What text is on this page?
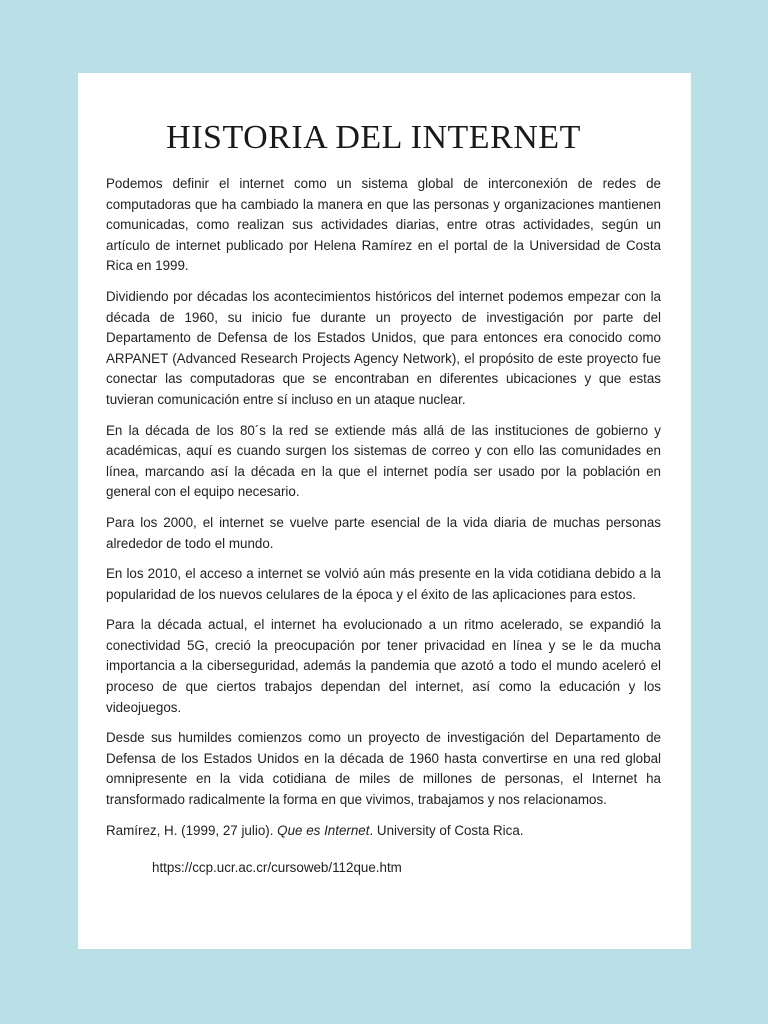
HISTORIA DEL INTERNET

Podemos definir el internet como un sistema global de interconexión de redes de computadoras que ha cambiado la manera en que las personas y organizaciones mantienen comunicadas, como realizan sus actividades diarias, entre otras actividades, según un artículo de internet publicado por Helena Ramírez en el portal de la Universidad de Costa Rica en 1999.

Dividiendo por décadas los acontecimientos históricos del internet podemos empezar con la década de 1960, su inicio fue durante un proyecto de investigación por parte del Departamento de Defensa de los Estados Unidos, que para entonces era conocido como ARPANET (Advanced Research Projects Agency Network), el propósito de este proyecto fue conectar las computadoras que se encontraban en diferentes ubicaciones y que estas tuvieran comunicación entre sí incluso en un ataque nuclear.

En la década de los 80´s la red se extiende más allá de las instituciones de gobierno y académicas, aquí es cuando surgen los sistemas de correo y con ello las comunidades en línea, marcando así la década en la que el internet podía ser usado por la población en general con el equipo necesario.

Para los 2000, el internet se vuelve parte esencial de la vida diaria de muchas personas alrededor de todo el mundo.

En los 2010, el acceso a internet se volvió aún más presente en la vida cotidiana debido a la popularidad de los nuevos celulares de la época y el éxito de las aplicaciones para estos.

Para la década actual, el internet ha evolucionado a un ritmo acelerado, se expandió la conectividad 5G, creció la preocupación por tener privacidad en línea y se le da mucha importancia a la ciberseguridad, además la pandemia que azotó a todo el mundo aceleró el proceso de que ciertos trabajos dependan del internet, así como la educación y los videojuegos.

Desde sus humildes comienzos como un proyecto de investigación del Departamento de Defensa de los Estados Unidos en la década de 1960 hasta convertirse en una red global omnipresente en la vida cotidiana de miles de millones de personas, el Internet ha transformado radicalmente la forma en que vivimos, trabajamos y nos relacionamos.

Ramírez, H. (1999, 27 julio). Que es Internet. University of Costa Rica.

https://ccp.ucr.ac.cr/cursoweb/112que.htm
